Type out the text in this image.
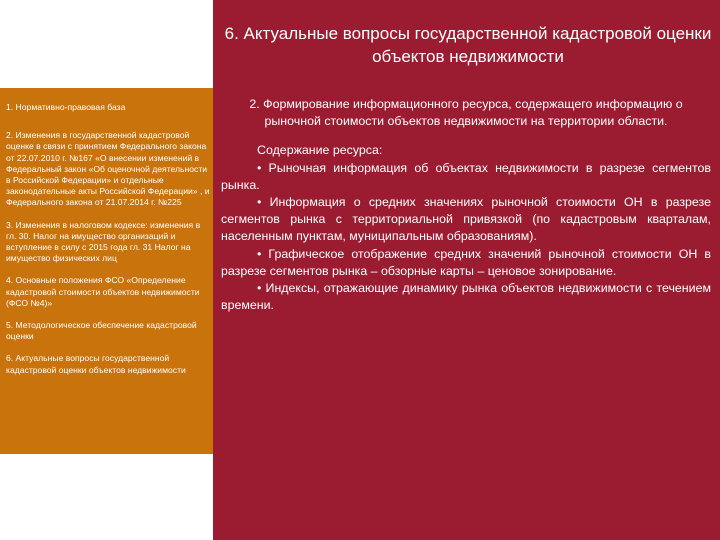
6. Актуальные вопросы государственной кадастровой оценки объектов недвижимости
1. Нормативно-правовая база
2. Изменения в государственной кадастровой оценке в связи с принятием Федерального закона от 22.07.2010 г. №167 «О внесении изменений в Федеральный закон «Об оценочной деятельности в Российской Федерации» и отдельные законодательные акты Российской Федерации» , и Федерального закона от 21.07.2014 г. №225
3. Изменения в налоговом кодексе: изменения в гл. 30. Налог на имущество организаций и вступление в силу с 2015 года гл. 31 Налог на имущество физических лиц
4. Основные положения ФСО «Определение кадастровой стоимости объектов недвижимости (ФСО №4)»
5. Методологическое обеспечение кадастровой оценки
6. Актуальные вопросы государственной кадастровой оценки объектов недвижимости
2. Формирование информационного ресурса, содержащего информацию о рыночной стоимости объектов недвижимости на территории области.
Содержание ресурса:
• Рыночная информация об объектах недвижимости в разрезе сегментов рынка.
• Информация о средних значениях рыночной стоимости ОН в разрезе сегментов рынка с территориальной привязкой (по кадастровым кварталам, населенным пунктам, муниципальным образованиям).
• Графическое отображение средних значений рыночной стоимости ОН в разрезе сегментов рынка – обзорные карты – ценовое зонирование.
• Индексы, отражающие динамику рынка объектов недвижимости с течением времени.
